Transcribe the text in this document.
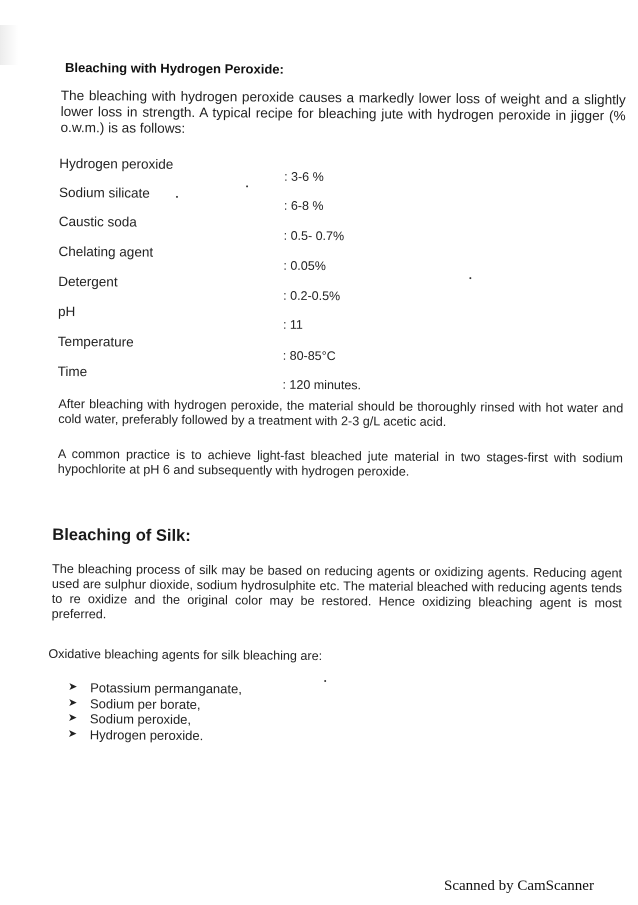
Bleaching with Hydrogen Peroxide:
The bleaching with hydrogen peroxide causes a markedly lower loss of weight and a slightly lower loss in strength. A typical recipe for bleaching jute with hydrogen peroxide in jigger (% o.w.m.) is as follows:
Hydrogen peroxide
: 3-6 %
Sodium silicate
: 6-8 %
Caustic soda
: 0.5- 0.7%
Chelating agent
: 0.05%
Detergent
: 0.2-0.5%
pH
: 11
Temperature
: 80-85°C
Time
: 120 minutes.
After bleaching with hydrogen peroxide, the material should be thoroughly rinsed with hot water and cold water, preferably followed by a treatment with 2-3 g/L acetic acid.
A common practice is to achieve light-fast bleached jute material in two stages-first with sodium hypochlorite at pH 6 and subsequently with hydrogen peroxide.
Bleaching of Silk:
The bleaching process of silk may be based on reducing agents or oxidizing agents. Reducing agent used are sulphur dioxide, sodium hydrosulphite etc. The material bleached with reducing agents tends to re oxidize and the original color may be restored. Hence oxidizing bleaching agent is most preferred.
Oxidative bleaching agents for silk bleaching are:
➤ Potassium permanganate,
➤ Sodium per borate,
➤ Sodium peroxide,
➤ Hydrogen peroxide.
Scanned by CamScanner
